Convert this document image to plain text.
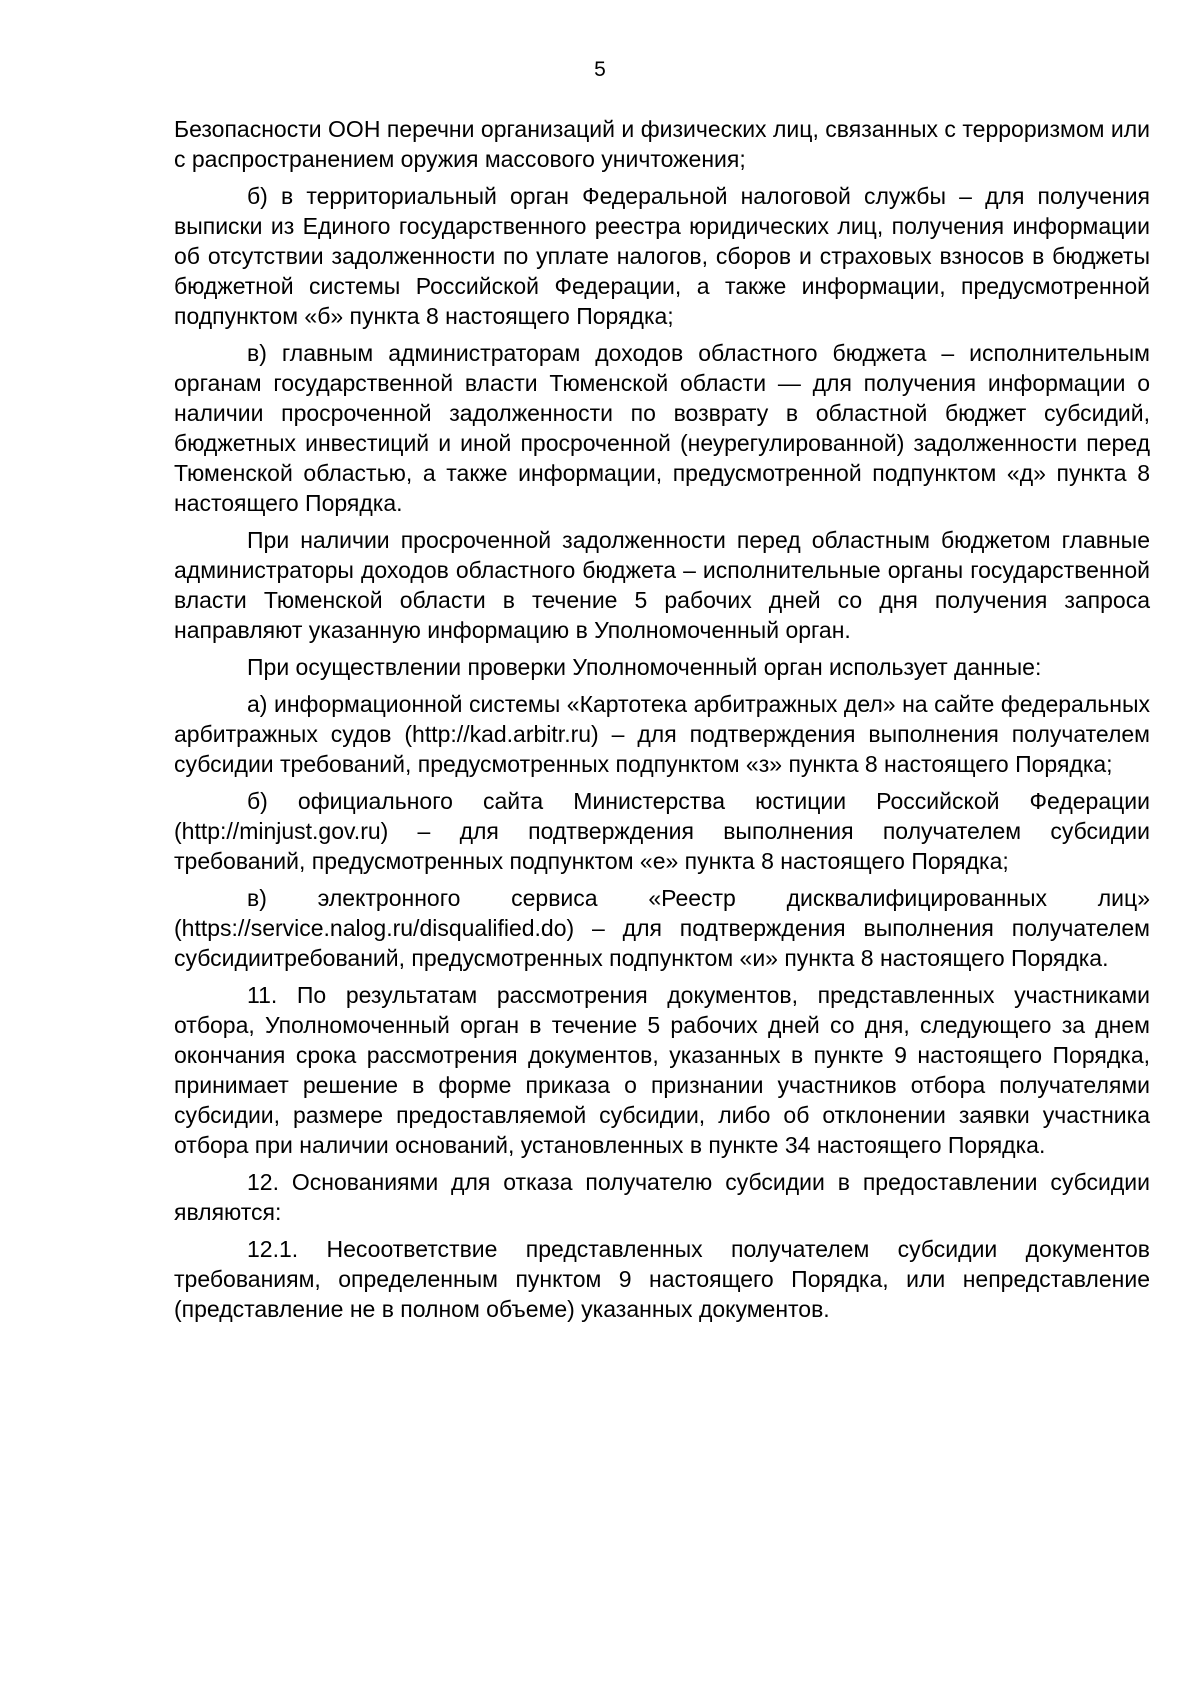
5

Безопасности ООН перечни организаций и физических лиц, связанных с терроризмом или с распространением оружия массового уничтожения;

б) в территориальный орган Федеральной налоговой службы – для получения выписки из Единого государственного реестра юридических лиц, получения информации об отсутствии задолженности по уплате налогов, сборов и страховых взносов в бюджеты бюджетной системы Российской Федерации, а также информации, предусмотренной подпунктом «б» пункта 8 настоящего Порядка;

в) главным администраторам доходов областного бюджета – исполнительным органам государственной власти Тюменской области — для получения информации о наличии просроченной задолженности по возврату в областной бюджет субсидий, бюджетных инвестиций и иной просроченной (неурегулированной) задолженности перед Тюменской областью, а также информации, предусмотренной подпунктом «д» пункта 8 настоящего Порядка.

При наличии просроченной задолженности перед областным бюджетом главные администраторы доходов областного бюджета – исполнительные органы государственной власти Тюменской области в течение 5 рабочих дней со дня получения запроса направляют указанную информацию в Уполномоченный орган.

При осуществлении проверки Уполномоченный орган использует данные:

а) информационной системы «Картотека арбитражных дел» на сайте федеральных арбитражных судов (http://kad.arbitr.ru) – для подтверждения выполнения получателем субсидии требований, предусмотренных подпунктом «з» пункта 8 настоящего Порядка;

б) официального сайта Министерства юстиции Российской Федерации (http://minjust.gov.ru) – для подтверждения выполнения получателем субсидии требований, предусмотренных подпунктом «е» пункта 8 настоящего Порядка;

в) электронного сервиса «Реестр дисквалифицированных лиц» (https://service.nalog.ru/disqualified.do) – для подтверждения выполнения получателем субсидиитребований, предусмотренных подпунктом «и» пункта 8 настоящего Порядка.

11. По результатам рассмотрения документов, представленных участниками отбора, Уполномоченный орган в течение 5 рабочих дней со дня, следующего за днем окончания срока рассмотрения документов, указанных в пункте 9 настоящего Порядка, принимает решение в форме приказа о признании участников отбора получателями субсидии, размере предоставляемой субсидии, либо об отклонении заявки участника отбора при наличии оснований, установленных в пункте 34 настоящего Порядка.

12. Основаниями для отказа получателю субсидии в предоставлении субсидии являются:

12.1. Несоответствие представленных получателем субсидии документов требованиям, определенным пунктом 9 настоящего Порядка, или непредставление (представление не в полном объеме) указанных документов.
